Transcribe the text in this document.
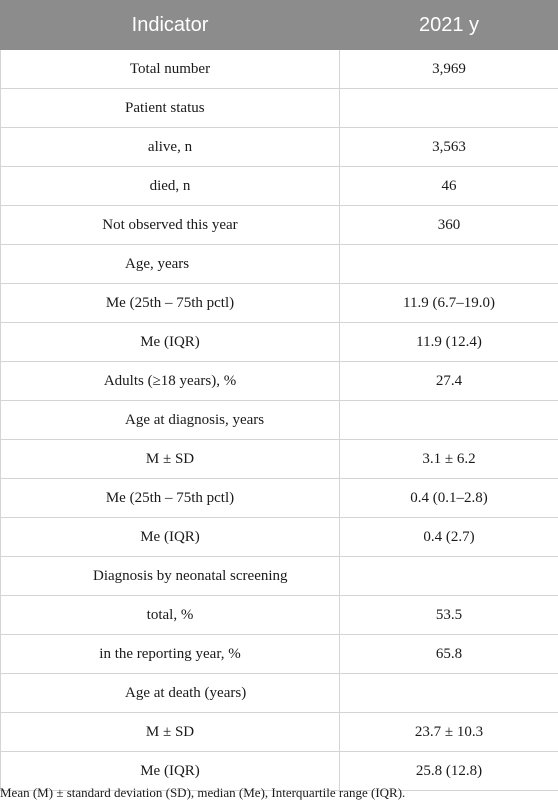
Indicator	2021 y
Total number	3,969
Patient status	
alive, n	3,563
died, n	46
Not observed this year	360
Age, years	
Me (25th – 75th pctl)	11.9 (6.7–19.0)
Me (IQR)	11.9 (12.4)
Adults (≥18 years), %	27.4
Age at diagnosis, years	
M ± SD	3.1 ± 6.2
Me (25th – 75th pctl)	0.4 (0.1–2.8)
Me (IQR)	0.4 (2.7)
Diagnosis by neonatal screening	
total, %	53.5
in the reporting year, %	65.8
Age at death (years)	
M ± SD	23.7 ± 10.3
Me (IQR)	25.8 (12.8)
Mean (M) ± standard deviation (SD), median (Me), Interquartile range (IQR).
